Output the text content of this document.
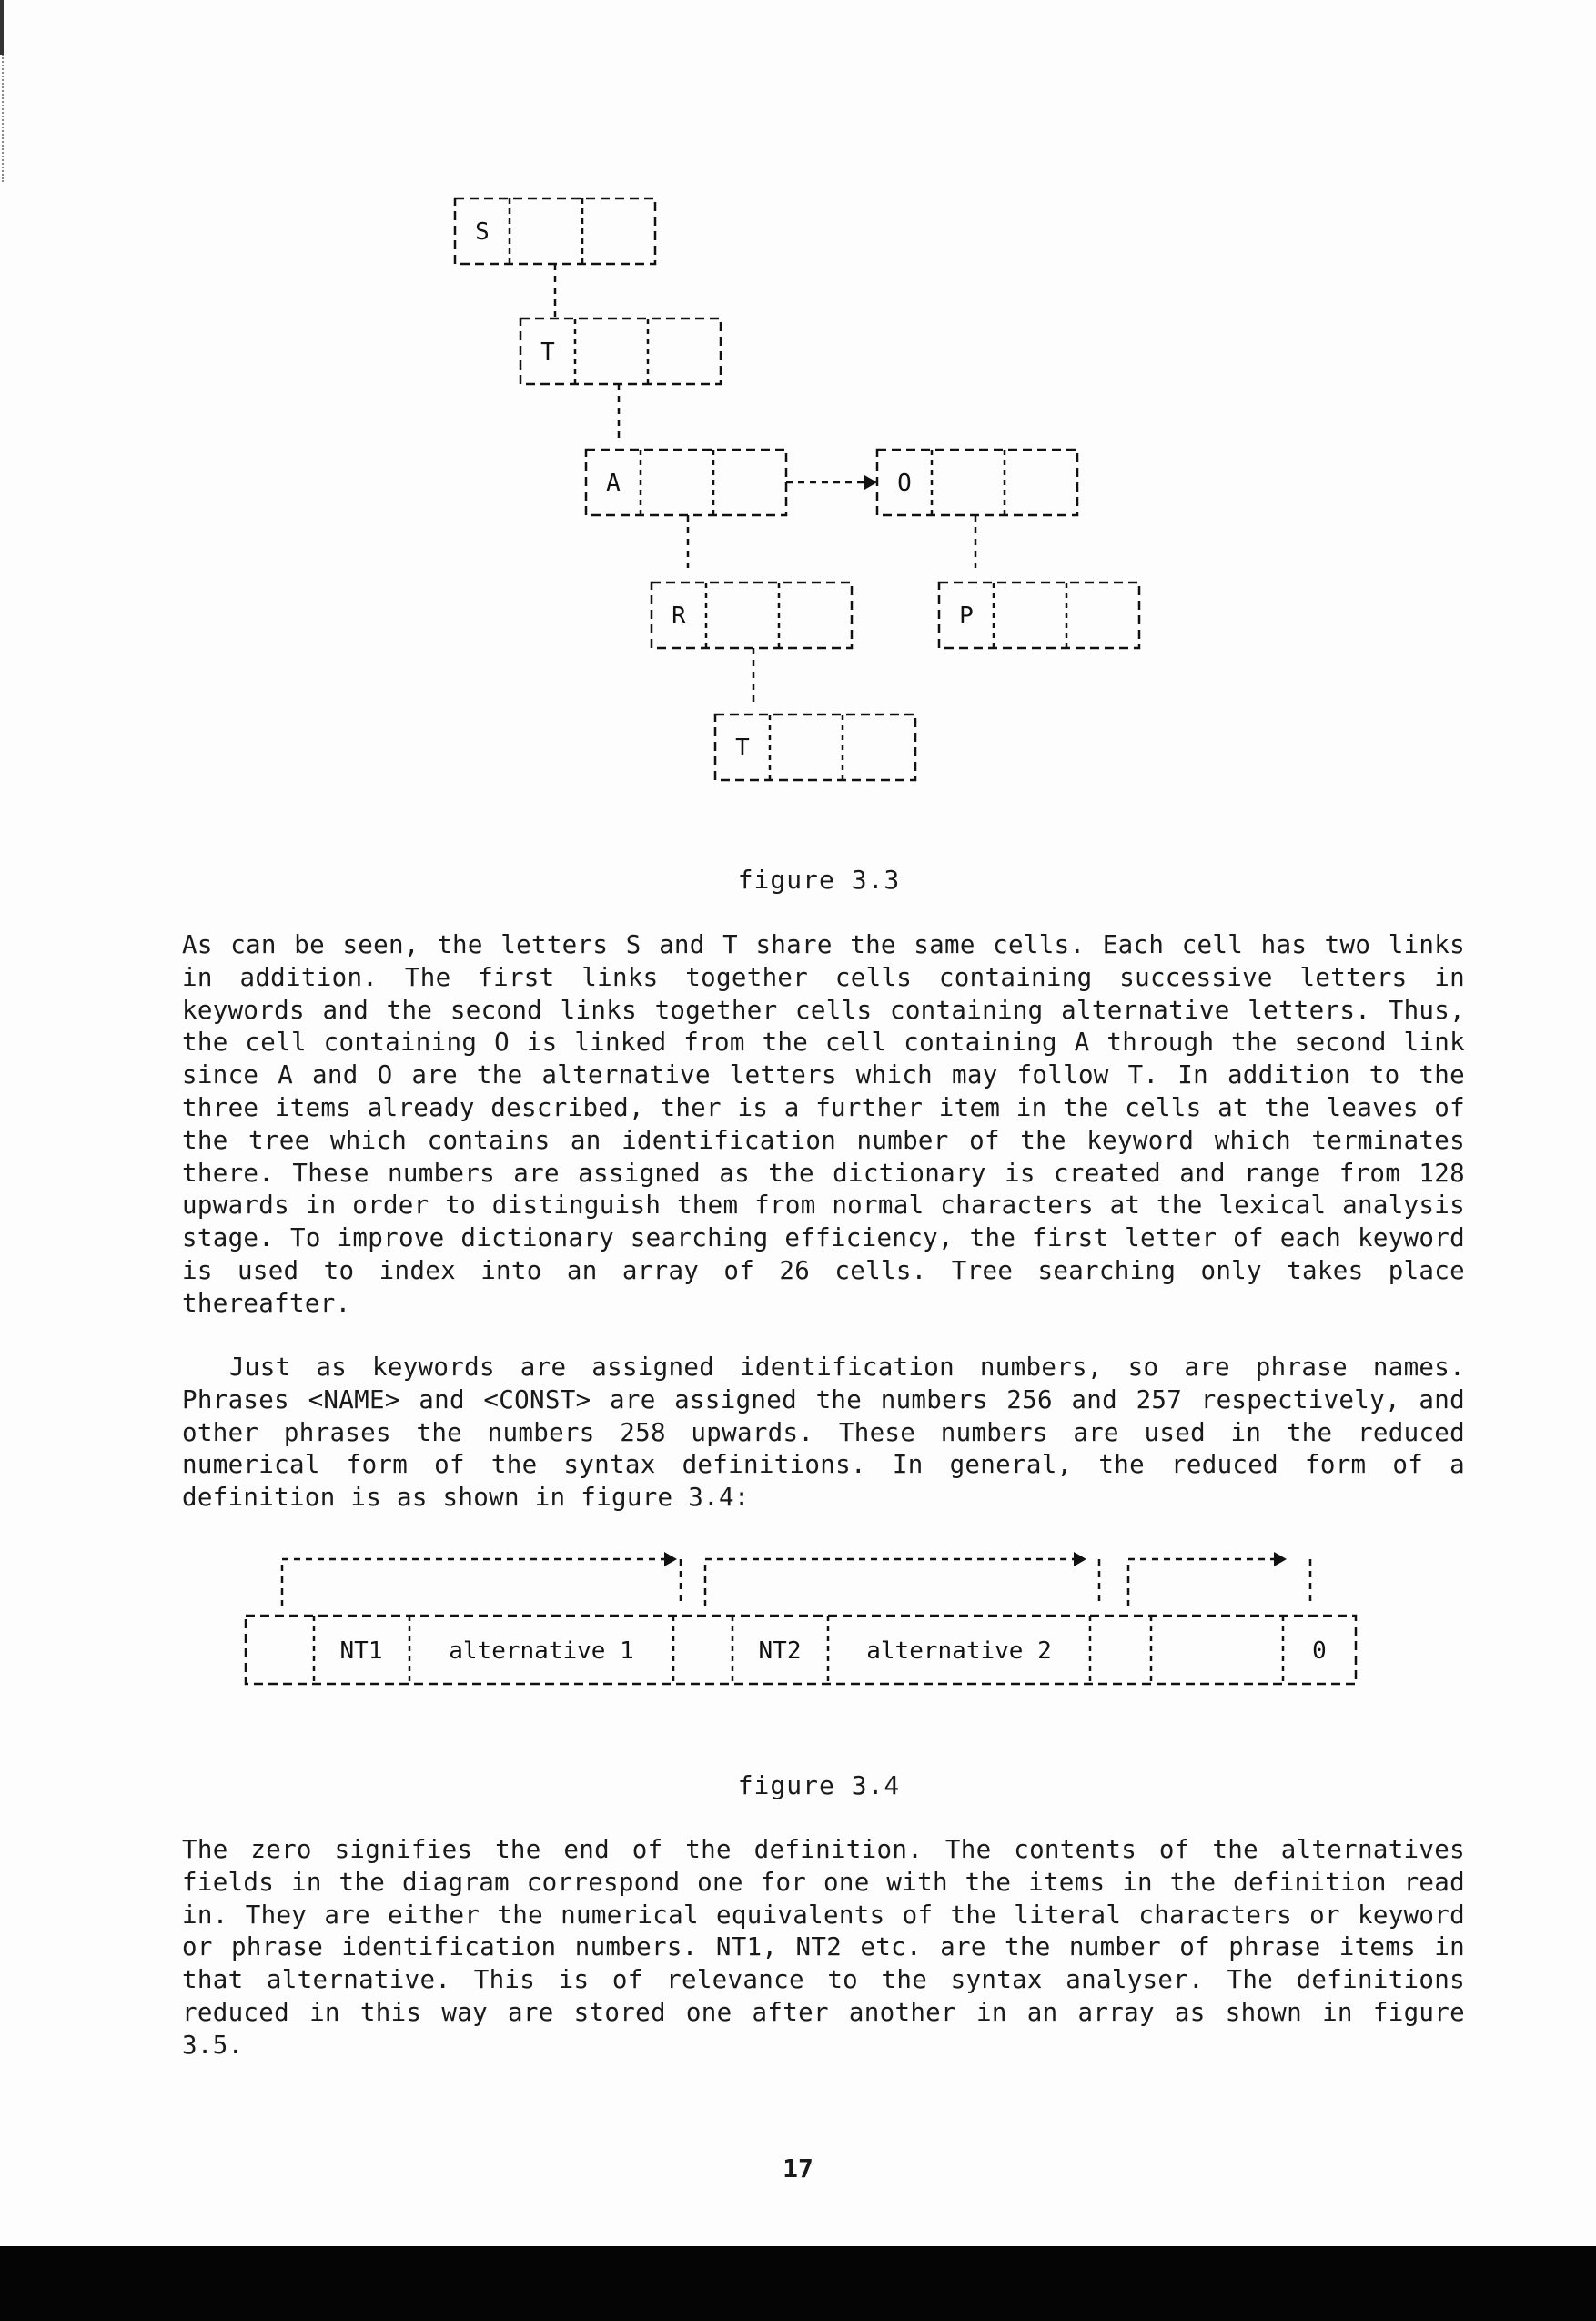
S
T
A	O
R	P
T
figure 3.3

As can be seen, the letters S and T share the same cells. Each cell has two links in addition. The first links together cells containing successive letters in keywords and the second links together cells containing alternative letters. Thus, the cell containing O is linked from the cell containing A through the second link since A and O are the alternative letters which may follow T. In addition to the three items already described, ther is a further item in the cells at the leaves of the tree which contains an identification number of the keyword which terminates there. These numbers are assigned as the dictionary is created and range from 128 upwards in order to distinguish them from normal characters at the lexical analysis stage. To improve dictionary searching efficiency, the first letter of each keyword is used to index into an array of 26 cells. Tree searching only takes place thereafter.

Just as keywords are assigned identification numbers, so are phrase names. Phrases <NAME> and <CONST> are assigned the numbers 256 and 257 respectively, and other phrases the numbers 258 upwards. These numbers are used in the reduced numerical form of the syntax definitions. In general, the reduced form of a definition is as shown in figure 3.4:

NT1	alternative 1	NT2	alternative 2	0
figure 3.4

The zero signifies the end of the definition. The contents of the alternatives fields in the diagram correspond one for one with the items in the definition read in. They are either the numerical equivalents of the literal characters or keyword or phrase identification numbers. NT1, NT2 etc. are the number of phrase items in that alternative. This is of relevance to the syntax analyser. The definitions reduced in this way are stored one after another in an array as shown in figure 3.5.

17
